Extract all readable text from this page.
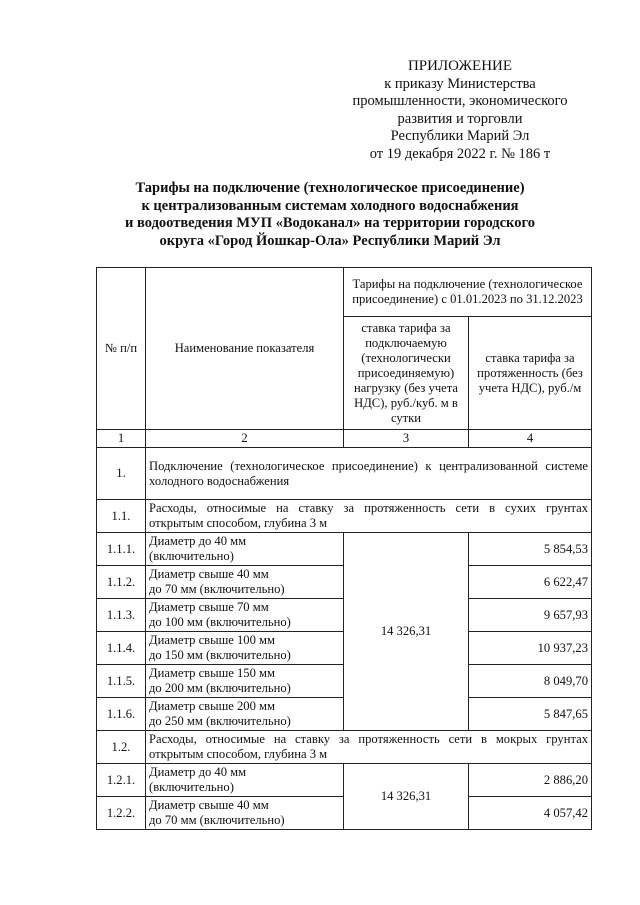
ПРИЛОЖЕНИЕ
к приказу Министерства
промышленности, экономического
развития и торговли
Республики Марий Эл
от 19 декабря 2022 г. № 186 т
Тарифы на подключение (технологическое присоединение)
к централизованным системам холодного водоснабжения
и водоотведения МУП «Водоканал» на территории городского
округа «Город Йошкар-Ола» Республики Марий Эл
№ п/п	Наименование показателя	Тарифы на подключение (технологическое присоединение) с 01.01.2023 по 31.12.2023	
		ставка тарифа за подключаемую (технологически присоединяемую) нагрузку (без учета НДС), руб./куб. м в сутки	ставка тарифа за протяженность (без учета НДС), руб./м
1	2	3	4
1.	Подключение (технологическое присоединение) к централизованной системе холодного водоснабжения		
1.1.	Расходы, относимые на ставку за протяженность сети в сухих грунтах
открытым способом, глубина 3 м		

1.1.1.	Диаметр до 40 мм
(включительно)	14 326,31	5 854,53
1.1.2.	Диаметр свыше 40 мм
до 70 мм (включительно)		6 622,47
1.1.3.	Диаметр свыше 70 мм
до 100 мм (включительно)		9 657,93
1.1.4.	Диаметр свыше 100 мм
до 150 мм (включительно)		10 937,23
1.1.5.	Диаметр свыше 150 мм
до 200 мм (включительно)		8 049,70
1.1.6.	Диаметр свыше 200 мм
до 250 мм (включительно)		5 847,65
1.2.	Расходы, относимые на ставку за протяженность сети в мокрых грунтах
открытым способом, глубина 3 м		

1.2.1.	Диаметр до 40 мм
(включительно)	14 326,31	2 886,20
1.2.2.	Диаметр свыше 40 мм
до 70 мм (включительно)		4 057,42
